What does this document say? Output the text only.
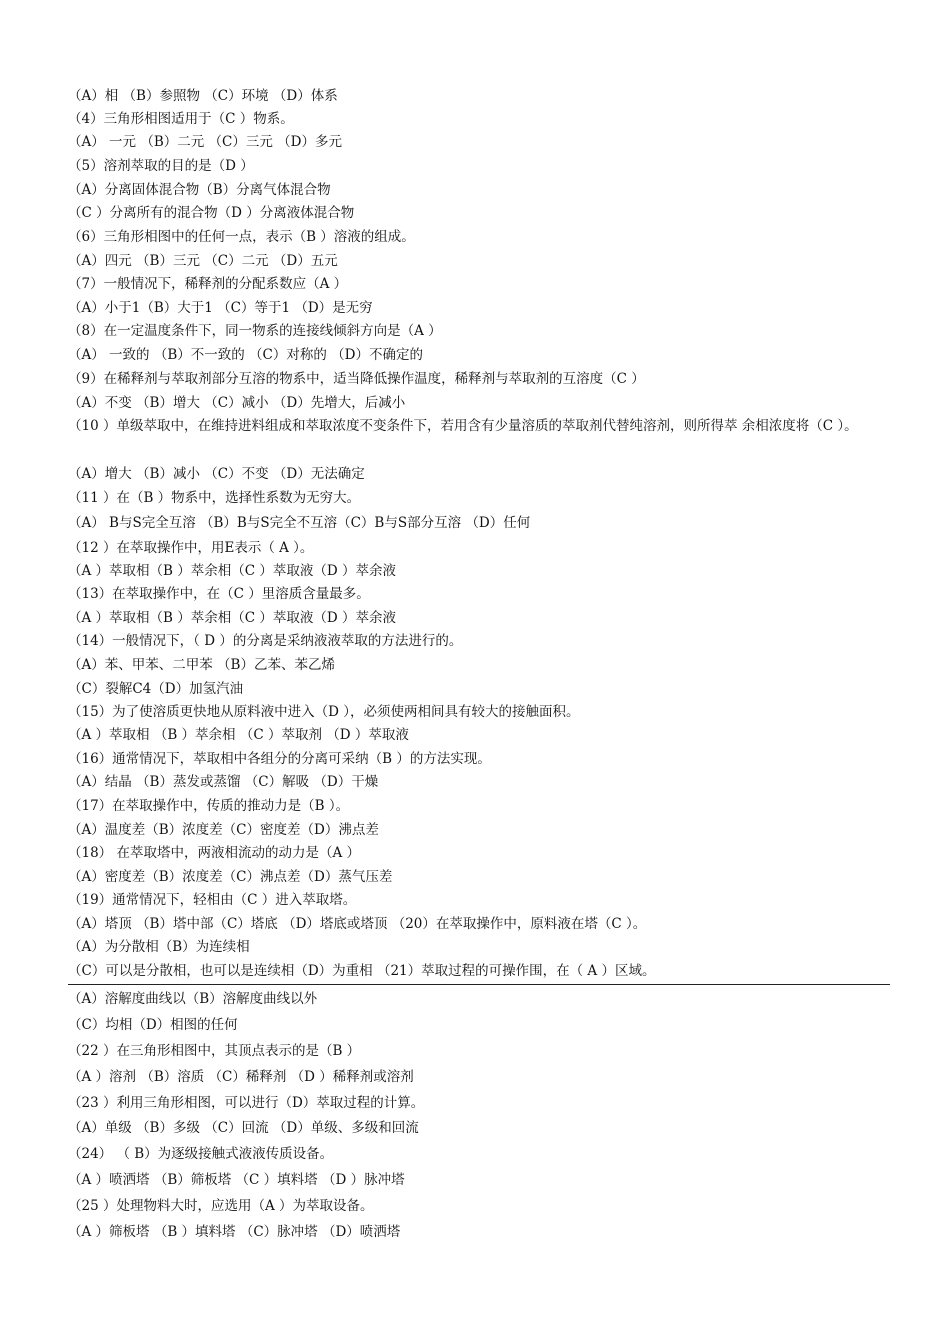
（A）相 （B）参照物 （C）环境 （D）体系
（4）三角形相图适用于（C ）物系。
（A） 一元 （B）二元 （C）三元 （D）多元
（5）溶剂萃取的目的是（D ）
（A）分离固体混合物（B）分离气体混合物
（C ）分离所有的混合物（D ）分离液体混合物
（6）三角形相图中的任何一点，表示（B ）溶液的组成。
（A）四元 （B）三元 （C）二元 （D）五元
（7）一般情况下，稀释剂的分配系数应（A ）
（A）小于1（B）大于1 （C）等于1 （D）是无穷
（8）在一定温度条件下，同一物系的连接线倾斜方向是（A ）
（A） 一致的 （B）不一致的 （C）对称的 （D）不确定的
（9）在稀释剂与萃取剂部分互溶的物系中，适当降低操作温度，稀释剂与萃取剂的互溶度（C ）
（A）不变 （B）增大 （C）减小 （D）先增大，后减小
（10 ）单级萃取中，在维持进料组成和萃取浓度不变条件下，若用含有少量溶质的萃取剂代替纯溶剂，则所得萃 余相浓度将（C ）。
（A）增大 （B）减小 （C）不变 （D）无法确定
（11 ）在（B ）物系中，选择性系数为无穷大。
（A） B与S完全互溶 （B）B与S完全不互溶（C）B与S部分互溶 （D）任何
（12 ）在萃取操作中，用E表示（ A ）。
（A ）萃取相（B ）萃余相（C ）萃取液（D ）萃余液
（13）在萃取操作中，在（C ）里溶质含量最多。
（A ）萃取相（B ）萃余相（C ）萃取液（D ）萃余液
（14）一般情况下，（ D ）的分离是采纳液液萃取的方法进行的。
（A）苯、甲苯、二甲苯 （B）乙苯、苯乙烯
（C）裂解C4（D）加氢汽油
（15）为了使溶质更快地从原料液中进入（D ），必须使两相间具有较大的接触面积。
（A ）萃取相 （B ）萃余相 （C ）萃取剂 （D ）萃取液
（16）通常情况下，萃取相中各组分的分离可采纳（B ）的方法实现。
（A）结晶 （B）蒸发或蒸馏 （C）解吸 （D）干燥
（17）在萃取操作中，传质的推动力是（B ）。
（A）温度差（B）浓度差（C）密度差（D）沸点差
（18） 在萃取塔中，两液相流动的动力是（A ）
（A）密度差（B）浓度差（C）沸点差（D）蒸气压差
（19）通常情况下，轻相由（C ）进入萃取塔。
（A）塔顶 （B）塔中部（C）塔底 （D）塔底或塔顶 （20）在萃取操作中，原料液在塔（C ）。
（A）为分散相（B）为连续相
（C）可以是分散相，也可以是连续相（D）为重相 （21）萃取过程的可操作围，在（ A ）区域。
（A）溶解度曲线以（B）溶解度曲线以外
（C）均相（D）相图的任何
（22 ）在三角形相图中，其顶点表示的是（B ）
（A ）溶剂 （B）溶质 （C）稀释剂 （D ）稀释剂或溶剂
（23 ）利用三角形相图，可以进行（D）萃取过程的计算。
（A）单级 （B）多级 （C）回流 （D）单级、多级和回流
（24） （ B）为逐级接触式液液传质设备。
（A ）喷洒塔 （B）筛板塔 （C ）填料塔 （D ）脉冲塔
（25 ）处理物料大时，应选用（A ）为萃取设备。
（A ）筛板塔 （B ）填料塔 （C）脉冲塔 （D）喷洒塔
